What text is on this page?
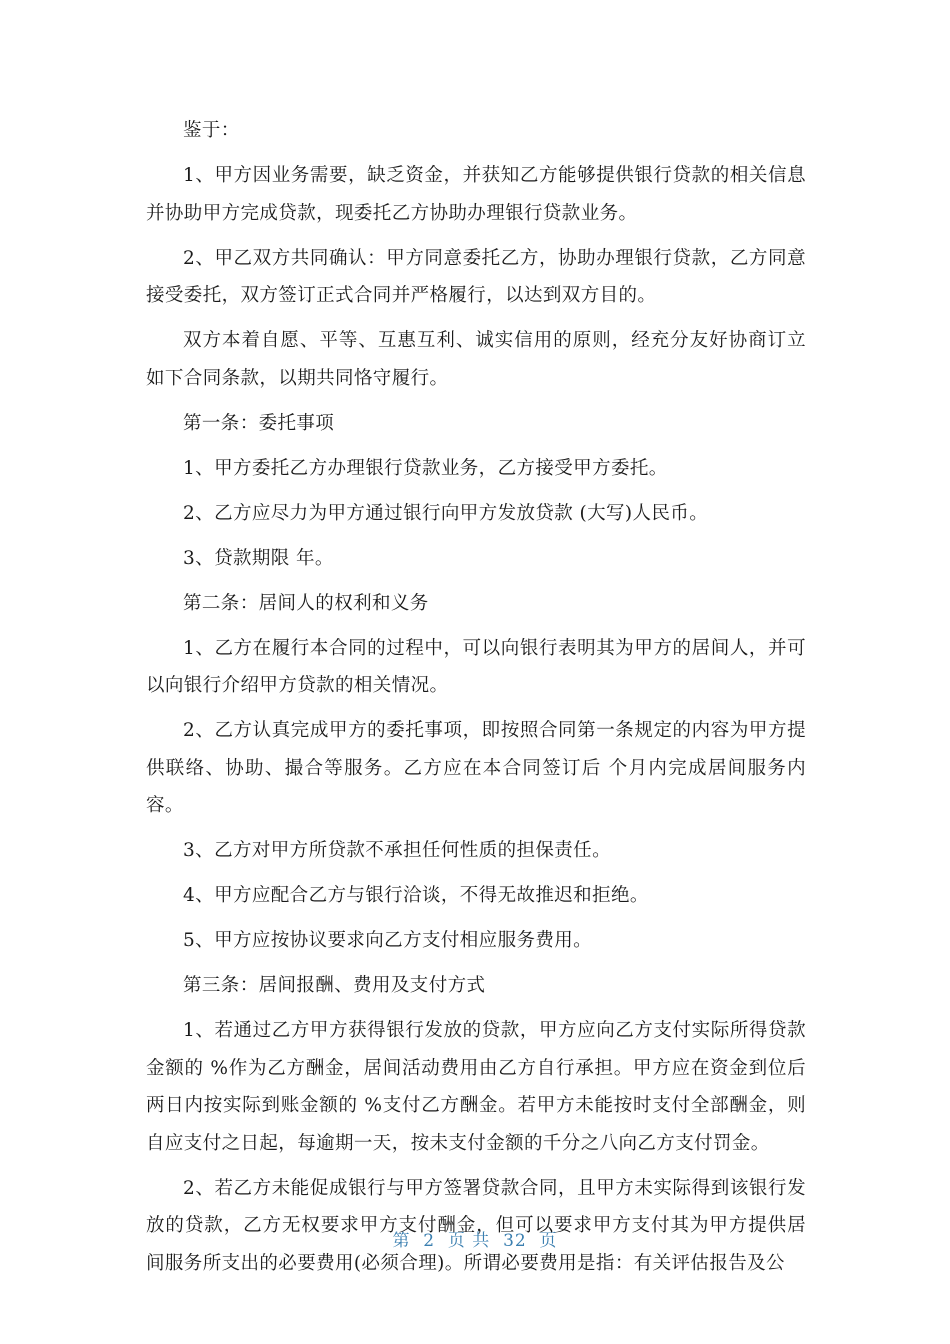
鉴于：

1、甲方因业务需要，缺乏资金，并获知乙方能够提供银行贷款的相关信息并协助甲方完成贷款，现委托乙方协助办理银行贷款业务。

2、甲乙双方共同确认：甲方同意委托乙方，协助办理银行贷款，乙方同意接受委托，双方签订正式合同并严格履行，以达到双方目的。

双方本着自愿、平等、互惠互利、诚实信用的原则，经充分友好协商订立如下合同条款，以期共同恪守履行。

第一条：委托事项

1、甲方委托乙方办理银行贷款业务，乙方接受甲方委托。

2、乙方应尽力为甲方通过银行向甲方发放贷款 (大写)人民币。

3、贷款期限 年。

第二条：居间人的权利和义务

1、乙方在履行本合同的过程中，可以向银行表明其为甲方的居间人，并可以向银行介绍甲方贷款的相关情况。

2、乙方认真完成甲方的委托事项，即按照合同第一条规定的内容为甲方提供联络、协助、撮合等服务。乙方应在本合同签订后 个月内完成居间服务内容。

3、乙方对甲方所贷款不承担任何性质的担保责任。

4、甲方应配合乙方与银行洽谈，不得无故推迟和拒绝。

5、甲方应按协议要求向乙方支付相应服务费用。

第三条：居间报酬、费用及支付方式

1、若通过乙方甲方获得银行发放的贷款，甲方应向乙方支付实际所得贷款金额的 %作为乙方酬金，居间活动费用由乙方自行承担。甲方应在资金到位后两日内按实际到账金额的 %支付乙方酬金。若甲方未能按时支付全部酬金，则自应支付之日起，每逾期一天，按未支付金额的千分之八向乙方支付罚金。

2、若乙方未能促成银行与甲方签署贷款合同，且甲方未实际得到该银行发放的贷款，乙方无权要求甲方支付酬金，但可以要求甲方支付其为甲方提供居间服务所支出的必要费用(必须合理)。所谓必要费用是指：有关评估报告及公

第  2  页 共  32  页
